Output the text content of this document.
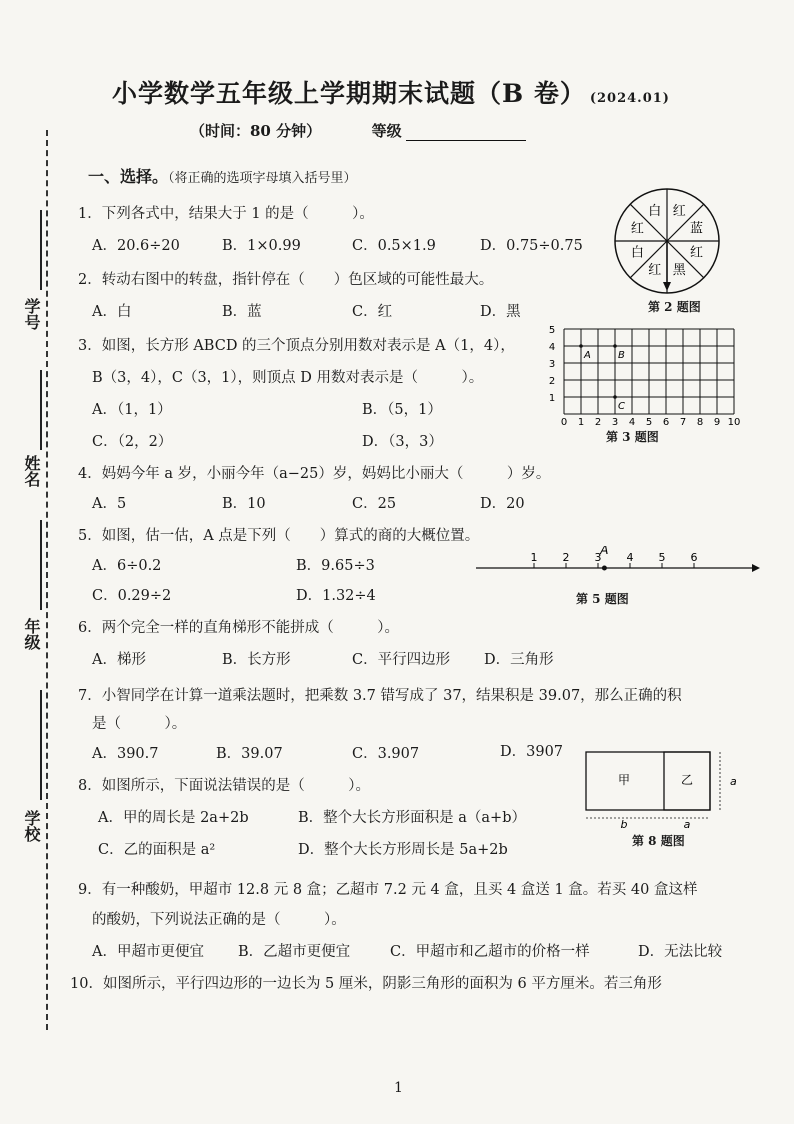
小学数学五年级上学期期末试题（B 卷） (2024.01)
（时间：80 分钟）	等级
学号
姓名
年级
学校
一、选择。（将正确的选项字母填入括号里）
1．下列各式中，结果大于 1 的是（　　　）。
A．20.6÷20	B．1×0.99	C．0.5×1.9	D．0.75÷0.75
2．转动右图中的转盘，指针停在（　　）色区域的可能性最大。
A．白	B．蓝	C．红	D．黑
白 红
蓝
红
黑
红
白
红
第 2 题图
3．如图，长方形 ABCD 的三个顶点分别用数对表示是 A（1，4），
B（3，4），C（3，1），则顶点 D 用数对表示是（　　　）。
A．（1，1）	B．（5，1）
C．（2，2）	D．（3，3）
0 1 2 3 4 5 6 7 8 9 10
1
2
3
4
5
A	B
C
第 3 题图
4．妈妈今年 a 岁，小丽今年（a−25）岁，妈妈比小丽大（　　　）岁。
A．5	B．10	C．25	D．20
5．如图，估一估，A 点是下列（　　）算式的商的大概位置。
A．6÷0.2	B．9.65÷3
C．0.29÷2	D．1.32÷4
1 2 3 4 5 6
A
第 5 题图
6．两个完全一样的直角梯形不能拼成（　　　）。
A．梯形	B．长方形	C．平行四边形 D．三角形
7．小智同学在计算一道乘法题时，把乘数 3.7 错写成了 37，结果积是 39.07，那么正确的积
是（　　　）。
A．390.7	B．39.07	C．3.907	D．3907
8．如图所示，下面说法错误的是（　　　）。
A．甲的周长是 2a+2b	B．整个大长方形面积是 a（a+b）
C．乙的面积是 a²	D．整个大长方形周长是 5a+2b
甲	乙	a
b	a
第 8 题图
9．有一种酸奶，甲超市 12.8 元 8 盒；乙超市 7.2 元 4 盒，且买 4 盒送 1 盒。若买 40 盒这样
的酸奶，下列说法正确的是（　　　）。
A．甲超市更便宜 B．乙超市更便宜	C．甲超市和乙超市的价格一样	D．无法比较
10．如图所示，平行四边形的一边长为 5 厘米，阴影三角形的面积为 6 平方厘米。若三角形
1
